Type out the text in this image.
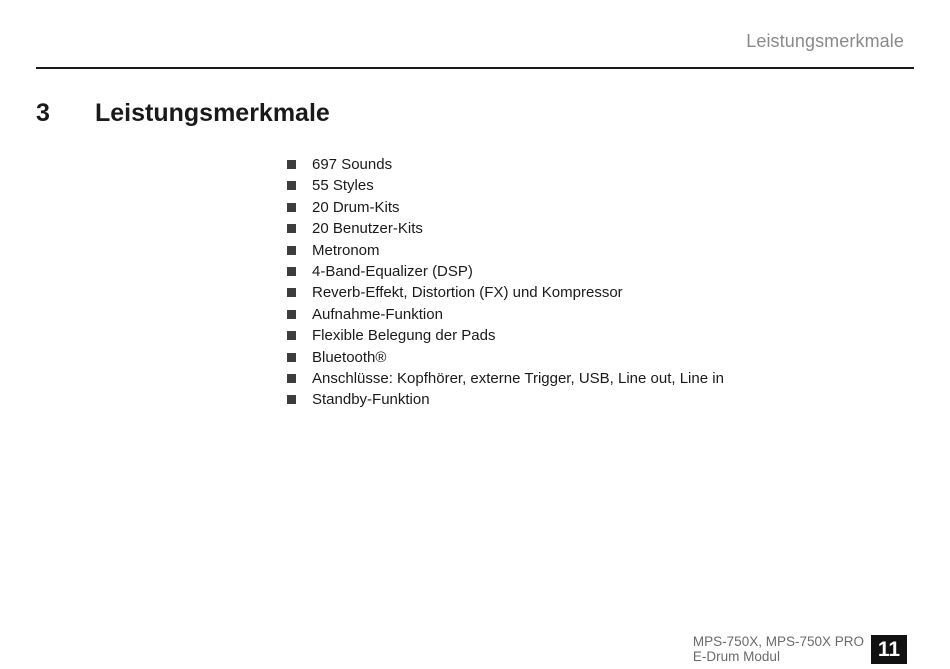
Leistungsmerkmale
3 Leistungsmerkmale
697 Sounds
55 Styles
20 Drum-Kits
20 Benutzer-Kits
Metronom
4-Band-Equalizer (DSP)
Reverb-Effekt, Distortion (FX) und Kompressor
Aufnahme-Funktion
Flexible Belegung der Pads
Bluetooth®
Anschlüsse: Kopfhörer, externe Trigger, USB, Line out, Line in
Standby-Funktion
MPS-750X, MPS-750X PRO
E-Drum Modul	11
